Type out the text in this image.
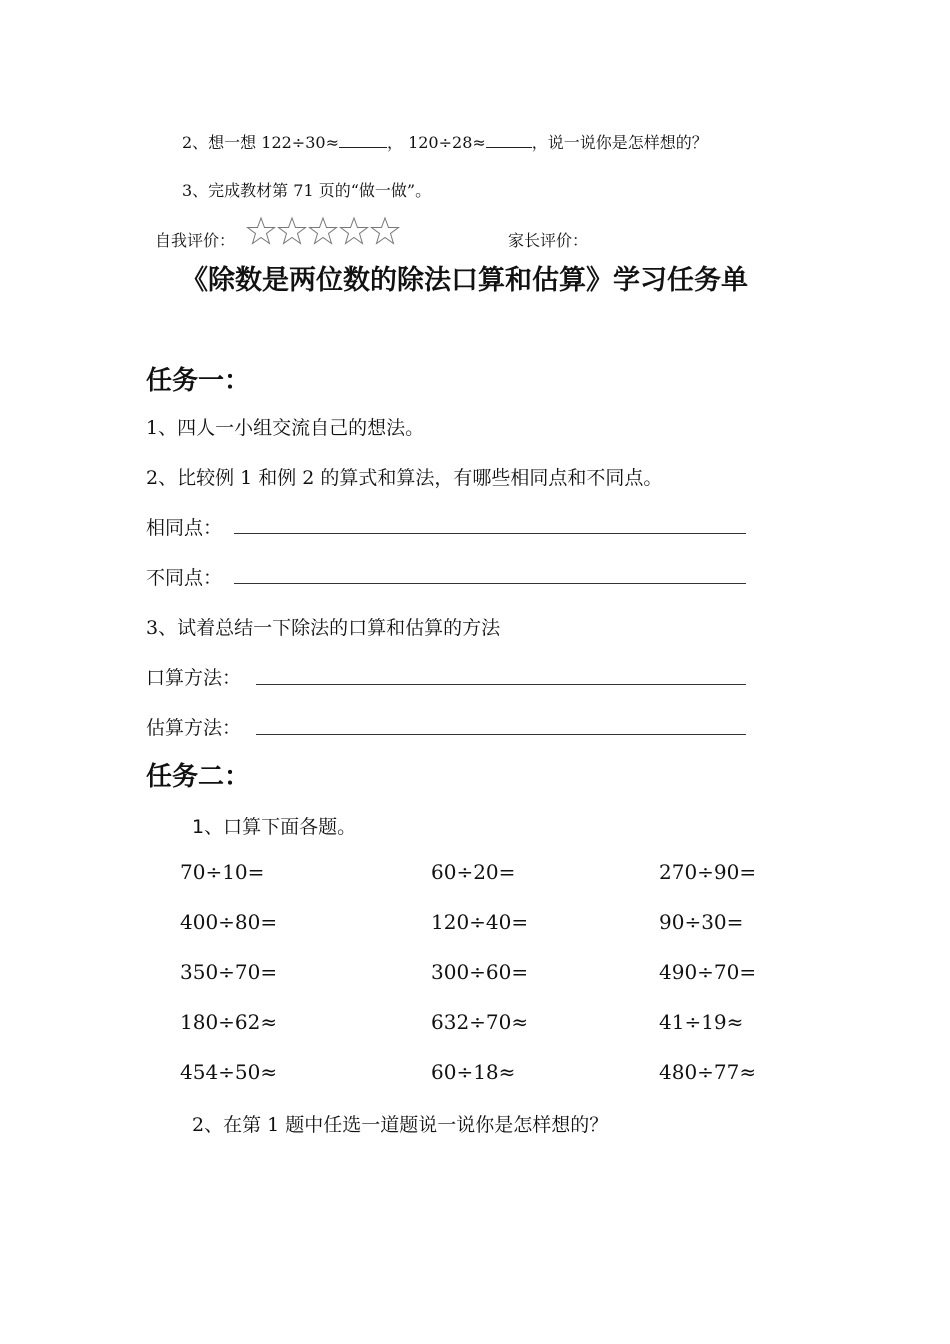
2、想一想 122÷30≈	， 120÷28≈	，说一说你是怎样想的？
3、完成教材第 71 页的“做一做”。
自我评价：	家长评价：
《除数是两位数的除法口算和估算》学习任务单
任务一：
1、四人一小组交流自己的想法。
2、比较例 1 和例 2 的算式和算法，有哪些相同点和不同点。
相同点：
不同点：
3、试着总结一下除法的口算和估算的方法
口算方法：
估算方法：
任务二：
1、口算下面各题。
70÷10=	60÷20=	270÷90=
400÷80=	120÷40=	90÷30=
350÷70=	300÷60=	490÷70=
180÷62≈	632÷70≈	41÷19≈
454÷50≈	60÷18≈	480÷77≈
2、在第 1 题中任选一道题说一说你是怎样想的？
